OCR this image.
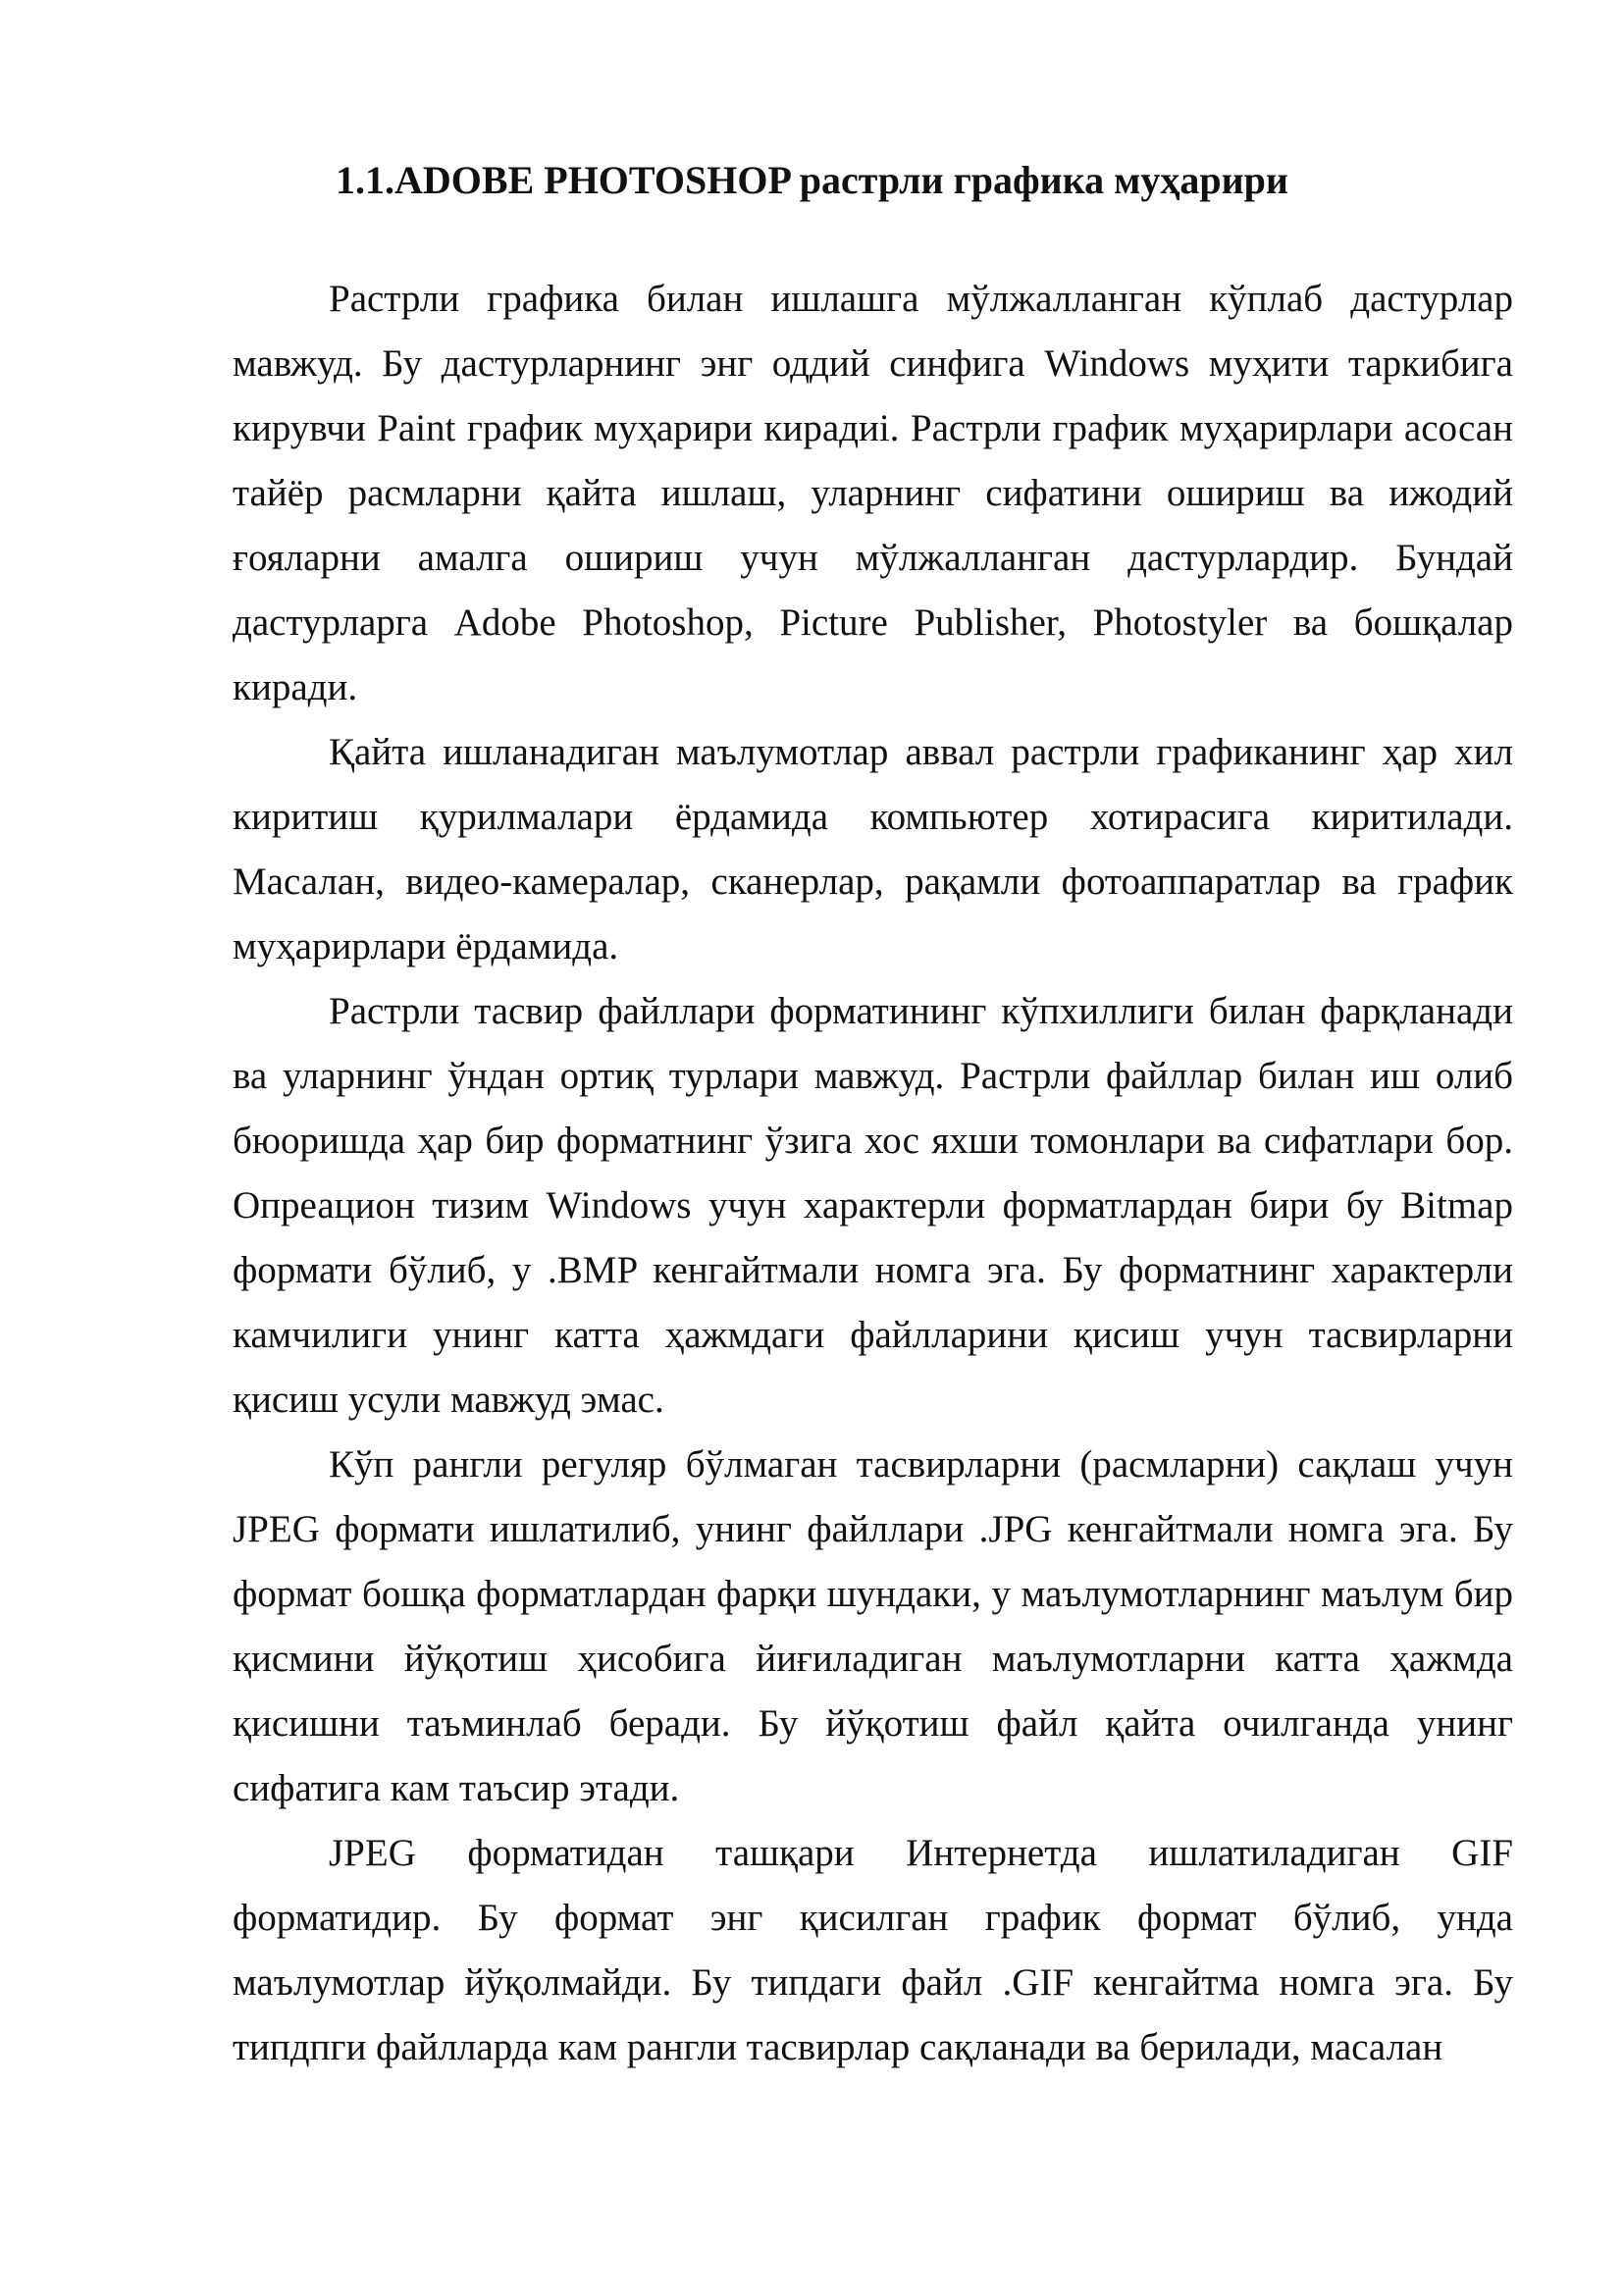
1.1.ADOBE PHOTOSHOP растрли графика муҳарири

Растрли графика билан ишлашга мўлжалланган кўплаб дастурлар мавжуд. Бу дастурларнинг энг оддий синфига Windows муҳити таркибига кирувчи Paint график муҳарири кирадиi. Растрли график муҳарирлари асосан тайёр расмларни қайта ишлаш, уларнинг сифатини ошириш ва ижодий ғояларни амалга ошириш учун мўлжалланган дастурлардир. Бундай дастурларга Adobe Photoshop, Picture Publisher, Photostyler ва бошқалар киради.

Қайта ишланадиган маълумотлар аввал растрли графиканинг ҳар хил киритиш қурилмалари ёрдамида компьютер хотирасига киритилади. Масалан, видео-камералар, сканерлар, рақамли фотоаппаратлар ва график муҳарирлари ёрдамида.

Растрли тасвир файллари форматининг кўпхиллиги билан фарқланади ва уларнинг ўндан ортиқ турлари мавжуд. Растрли файллар билан иш олиб бюоришда ҳар бир форматнинг ўзига хос яхши томонлари ва сифатлари бор. Опреацион тизим Windows учун характерли форматлардан бири бу Bitmap формати бўлиб, у .BMP кенгайтмали номга эга. Бу форматнинг характерли камчилиги унинг катта ҳажмдаги файлларини қисиш учун тасвирларни қисиш усули мавжуд эмас.

Кўп рангли регуляр бўлмаган тасвирларни (расмларни) сақлаш учун JPEG формати ишлатилиб, унинг файллари .JPG кенгайтмали номга эга. Бу формат бошқа форматлардан фарқи шундаки, у маълумотларнинг маълум бир қисмини йўқотиш ҳисобига йиғиладиган маълумотларни катта ҳажмда қисишни таъминлаб беради. Бу йўқотиш файл қайта очилганда унинг сифатига кам таъсир этади.

JPEG форматидан ташқари Интернетда ишлатиладиган GIF форматидир. Бу формат энг қисилган график формат бўлиб, унда маълумотлар йўқолмайди. Бу типдаги файл .GIF кенгайтма номга эга. Бу типдпги файлларда кам рангли тасвирлар сақланади ва берилади, масалан
